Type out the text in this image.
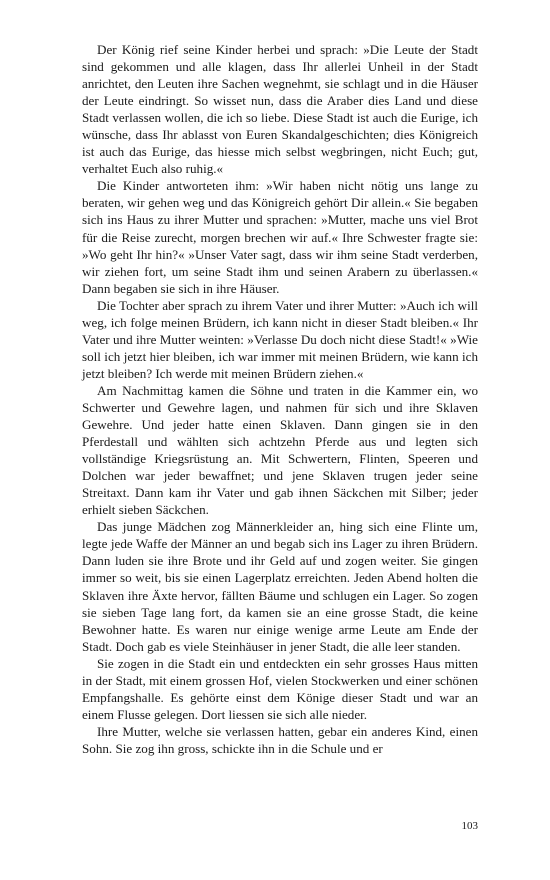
Der König rief seine Kinder herbei und sprach: »Die Leute der Stadt sind gekommen und alle klagen, dass Ihr allerlei Unheil in der Stadt anrichtet, den Leuten ihre Sachen wegnehmt, sie schlagt und in die Häuser der Leute eindringt. So wisset nun, dass die Araber dies Land und diese Stadt verlassen wollen, die ich so liebe. Diese Stadt ist auch die Eurige, ich wünsche, dass Ihr ablasst von Euren Skandalgeschichten; dies Königreich ist auch das Eurige, das hiesse mich selbst wegbringen, nicht Euch; gut, verhaltet Euch also ruhig.«

Die Kinder antworteten ihm: »Wir haben nicht nötig uns lange zu beraten, wir gehen weg und das Königreich gehört Dir allein.« Sie begaben sich ins Haus zu ihrer Mutter und sprachen: »Mutter, mache uns viel Brot für die Reise zurecht, morgen brechen wir auf.« Ihre Schwester fragte sie: »Wo geht Ihr hin?« »Unser Vater sagt, dass wir ihm seine Stadt verderben, wir ziehen fort, um seine Stadt ihm und seinen Arabern zu überlassen.« Dann begaben sie sich in ihre Häuser.

Die Tochter aber sprach zu ihrem Vater und ihrer Mutter: »Auch ich will weg, ich folge meinen Brüdern, ich kann nicht in dieser Stadt bleiben.« Ihr Vater und ihre Mutter weinten: »Verlasse Du doch nicht diese Stadt!« »Wie soll ich jetzt hier bleiben, ich war immer mit meinen Brüdern, wie kann ich jetzt bleiben? Ich werde mit meinen Brüdern ziehen.«

Am Nachmittag kamen die Söhne und traten in die Kammer ein, wo Schwerter und Gewehre lagen, und nahmen für sich und ihre Sklaven Gewehre. Und jeder hatte einen Sklaven. Dann gingen sie in den Pferdestall und wählten sich achtzehn Pferde aus und legten sich vollständige Kriegsrüstung an. Mit Schwertern, Flinten, Speeren und Dolchen war jeder bewaffnet; und jene Sklaven trugen jeder seine Streitaxt. Dann kam ihr Vater und gab ihnen Säckchen mit Silber; jeder erhielt sieben Säckchen.

Das junge Mädchen zog Männerkleider an, hing sich eine Flinte um, legte jede Waffe der Männer an und begab sich ins Lager zu ihren Brüdern. Dann luden sie ihre Brote und ihr Geld auf und zogen weiter. Sie gingen immer so weit, bis sie einen Lagerplatz erreichten. Jeden Abend holten die Sklaven ihre Äxte hervor, fällten Bäume und schlugen ein Lager. So zogen sie sieben Tage lang fort, da kamen sie an eine grosse Stadt, die keine Bewohner hatte. Es waren nur einige wenige arme Leute am Ende der Stadt. Doch gab es viele Steinhäuser in jener Stadt, die alle leer standen.

Sie zogen in die Stadt ein und entdeckten ein sehr grosses Haus mitten in der Stadt, mit einem grossen Hof, vielen Stockwerken und einer schönen Empfangshalle. Es gehörte einst dem Könige dieser Stadt und war an einem Flusse gelegen. Dort liessen sie sich alle nieder.

Ihre Mutter, welche sie verlassen hatten, gebar ein anderes Kind, einen Sohn. Sie zog ihn gross, schickte ihn in die Schule und er

103
